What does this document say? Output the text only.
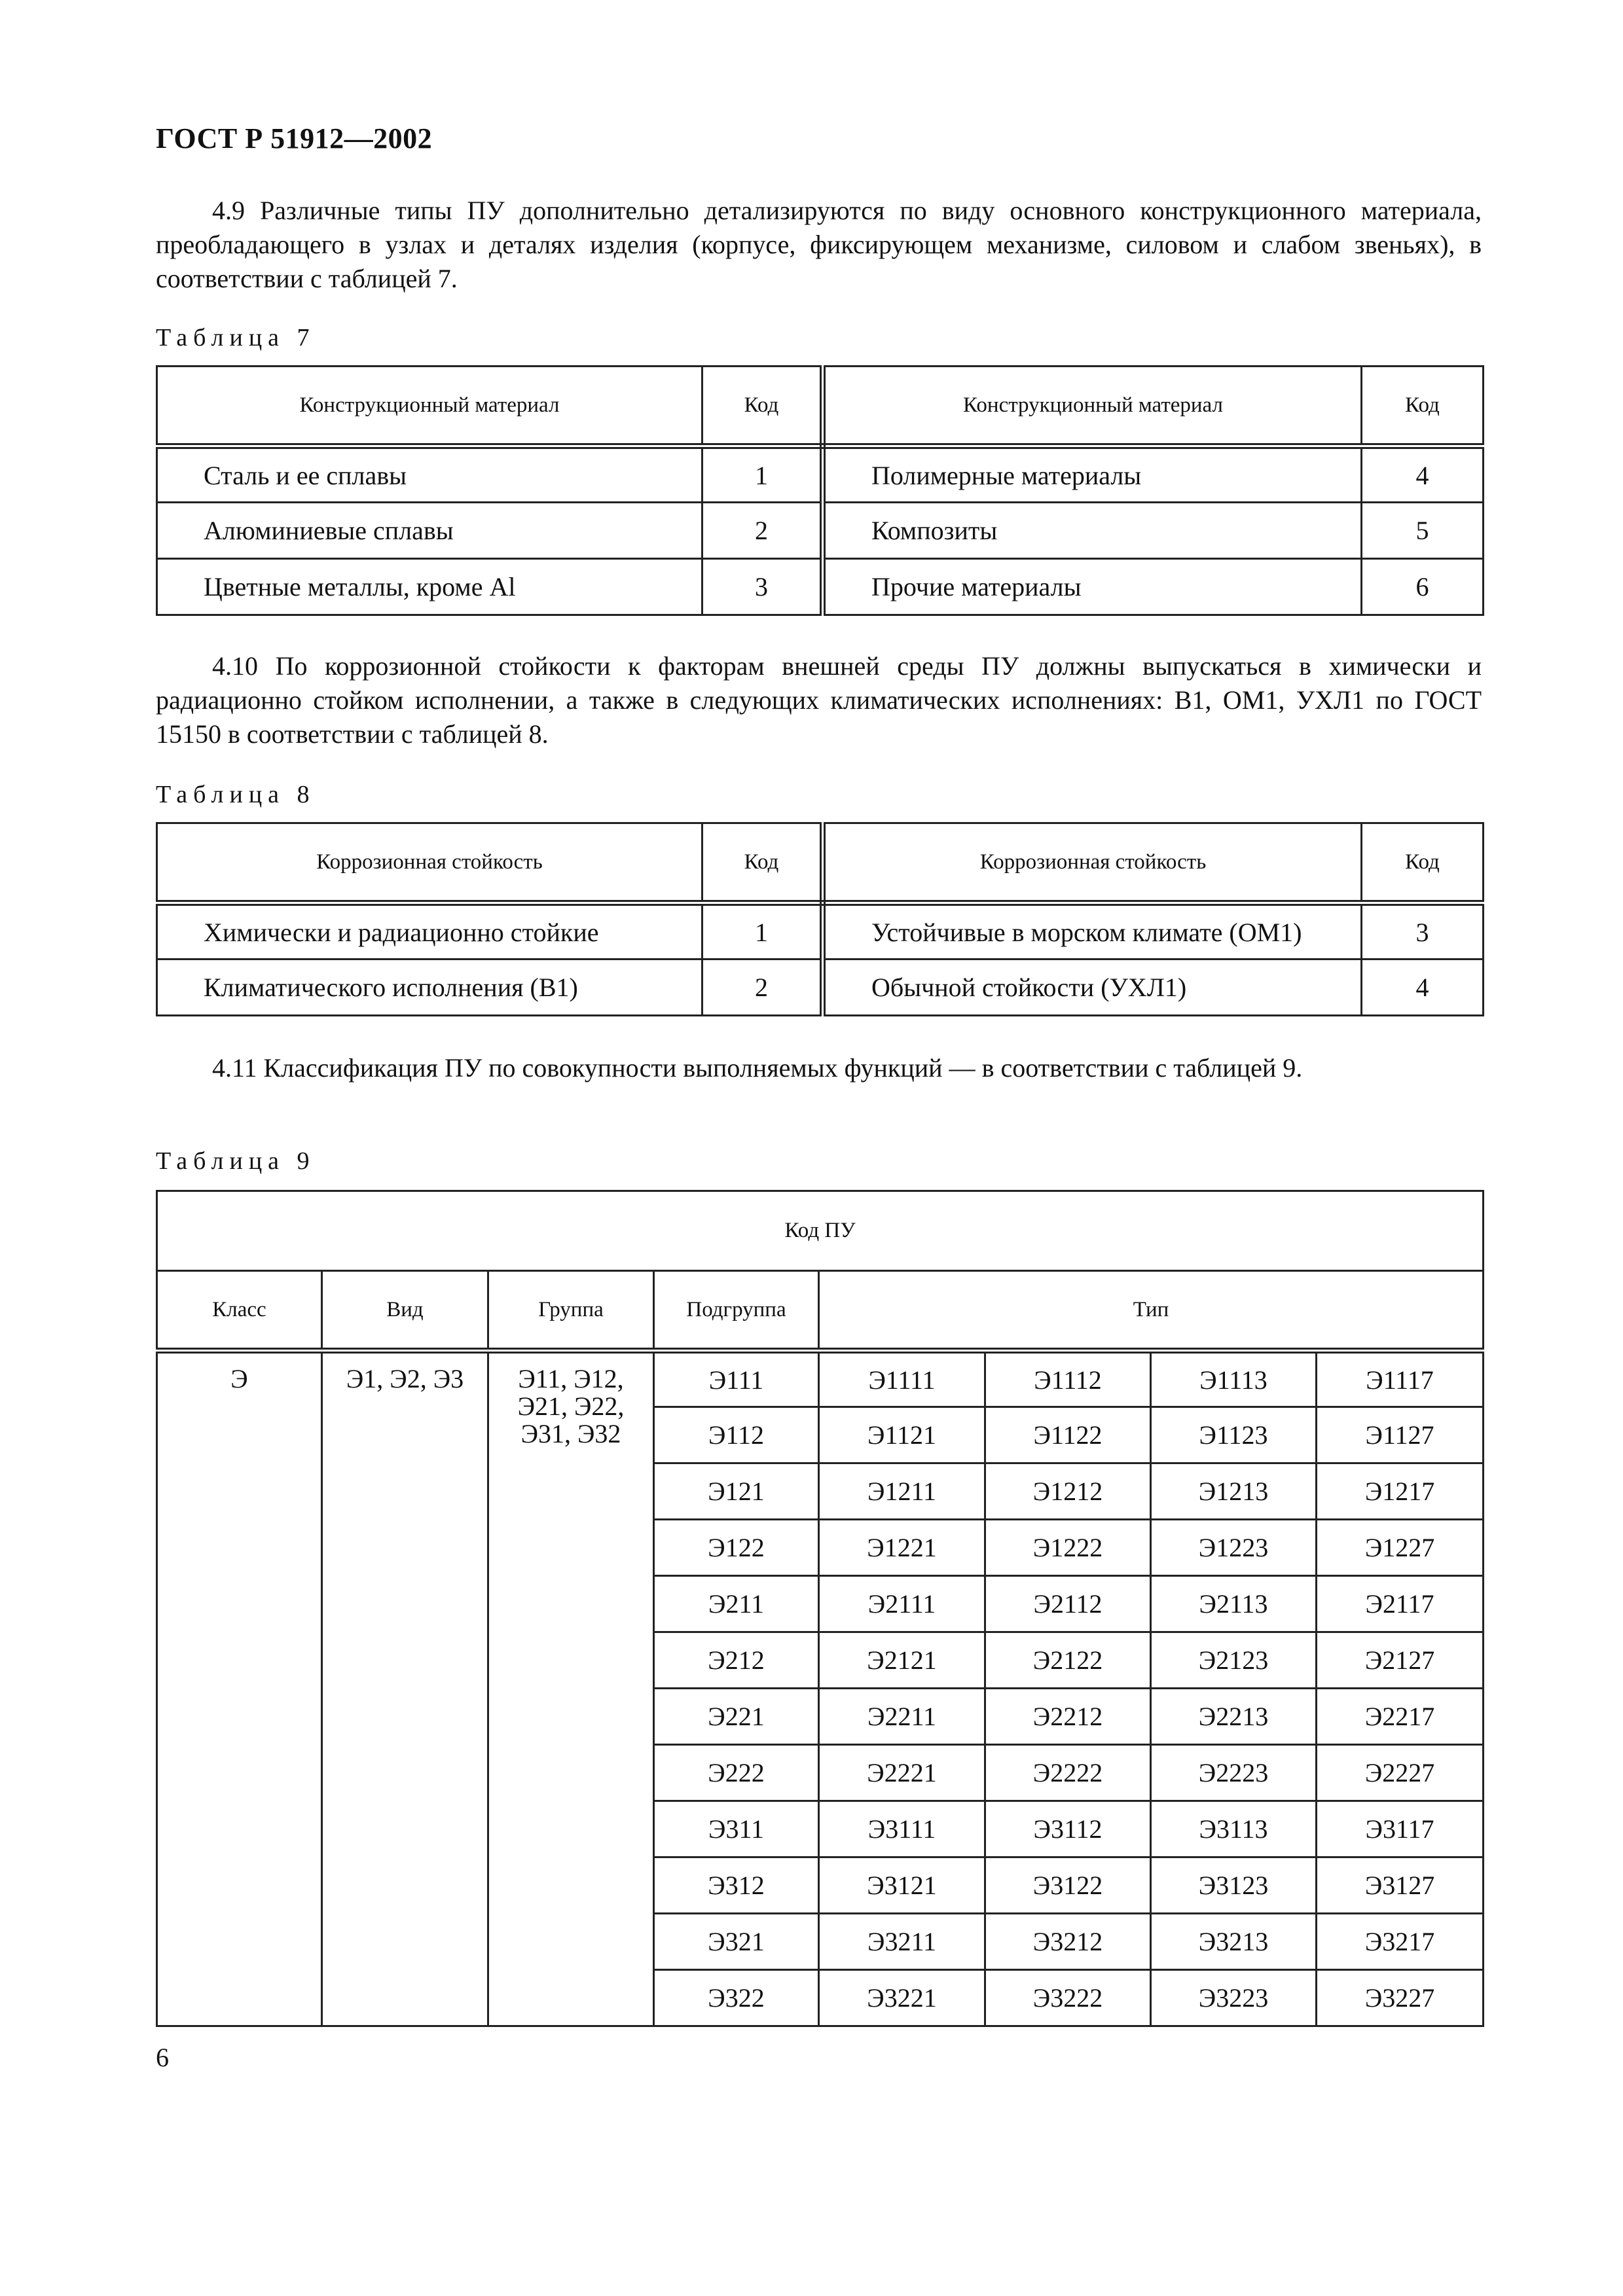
ГОСТ Р 51912—2002
4.9 Различные типы ПУ дополнительно детализируются по виду основного конструкционного материала, преобладающего в узлах и деталях изделия (корпусе, фиксирующем механизме, силовом и слабом звеньях), в соответствии с таблицей 7.
Таблица 7
Конструкционный материал	Код	Конструкционный материал	Код
Сталь и ее сплавы	1	Полимерные материалы	4
Алюминиевые сплавы	2	Композиты	5
Цветные металлы, кроме Al	3	Прочие материалы	6
4.10 По коррозионной стойкости к факторам внешней среды ПУ должны выпускаться в химически и радиационно стойком исполнении, а также в следующих климатических исполнениях: В1, ОМ1, УХЛ1 по ГОСТ 15150 в соответствии с таблицей 8.
Таблица 8
Коррозионная стойкость	Код	Коррозионная стойкость	Код
Химически и радиационно стойкие	1	Устойчивые в морском климате (ОМ1)	3
Климатического исполнения (В1)	2	Обычной стойкости (УХЛ1)	4
4.11 Классификация ПУ по совокупности выполняемых функций — в соответствии с таблицей 9.
Таблица 9
Код ПУ							
Класс	Вид	Группа	Подгруппа	Тип			
Э	Э1, Э2, Э3	Э11, Э12, Э21, Э22, Э31, Э32	Э111	Э1111	Э1112	Э1113	Э1117
			Э112	Э1121	Э1122	Э1123	Э1127
			Э121	Э1211	Э1212	Э1213	Э1217
			Э122	Э1221	Э1222	Э1223	Э1227
			Э211	Э2111	Э2112	Э2113	Э2117
			Э212	Э2121	Э2122	Э2123	Э2127
			Э221	Э2211	Э2212	Э2213	Э2217
			Э222	Э2221	Э2222	Э2223	Э2227
			Э311	Э3111	Э3112	Э3113	Э3117
			Э312	Э3121	Э3122	Э3123	Э3127
			Э321	Э3211	Э3212	Э3213	Э3217
			Э322	Э3221	Э3222	Э3223	Э3227
6
